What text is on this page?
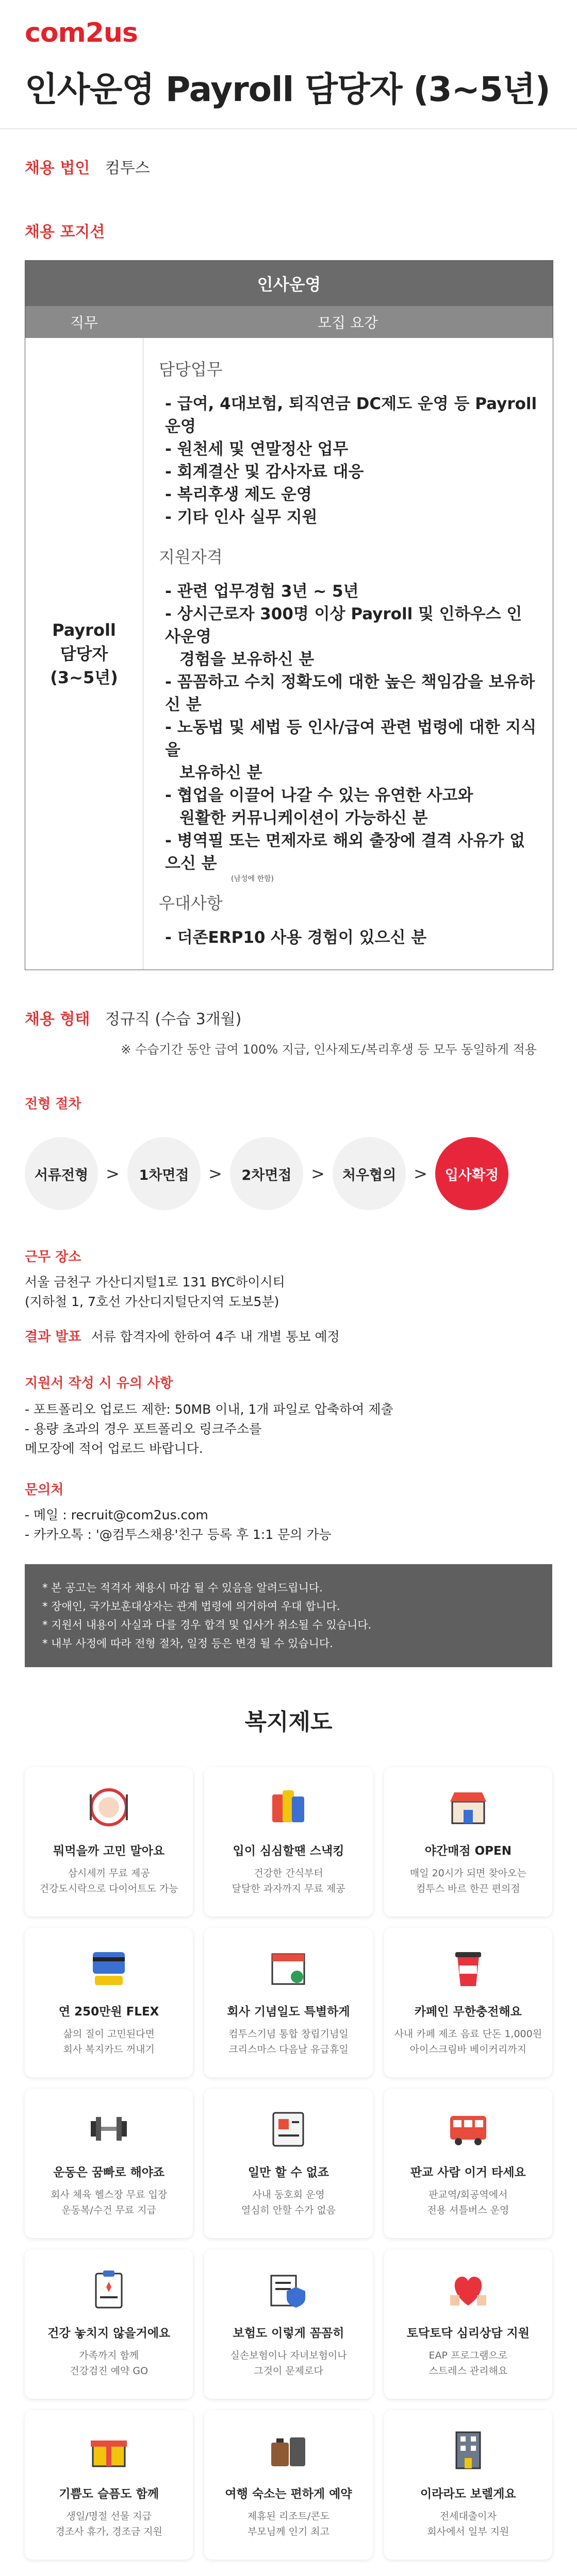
com2us
인사운영 Payroll 담당자 (3~5년)
채용 법인 컴투스
채용 포지션
인사운영
직무	모집 요강
Payroll
담당자
(3~5년)
담당업무
- 급여, 4대보험, 퇴직연금 DC제도 운영 등 Payroll 운영
- 원천세 및 연말정산 업무
- 회계결산 및 감사자료 대응
- 복리후생 제도 운영
- 기타 인사 실무 지원
지원자격
- 관련 업무경험 3년 ~ 5년
- 상시근로자 300명 이상 Payroll 및 인하우스 인사운영
경험을 보유하신 분
- 꼼꼼하고 수치 정확도에 대한 높은 책임감을 보유하신 분
- 노동법 및 세법 등 인사/급여 관련 법령에 대한 지식을
보유하신 분
- 협업을 이끌어 나갈 수 있는 유연한 사고와
원활한 커뮤니케이션이 가능하신 분
- 병역필 또는 면제자로 해외 출장에 결격 사유가 없으신 분
(남성에 한함)
우대사항
- 더존ERP10 사용 경험이 있으신 분
채용 형태 정규직 (수습 3개월)
※ 수습기간 동안 급여 100% 지급, 인사제도/복리후생 등 모두 동일하게 적용
전형 절차
서류전형	>	1차면접	>	2차면접	>	처우협의	>	입사확정
근무 장소
서울 금천구 가산디지털1로 131 BYC하이시티
(지하철 1, 7호선 가산디지털단지역 도보5분)
결과 발표 서류 합격자에 한하여 4주 내 개별 통보 예정
지원서 작성 시 유의 사항
- 포트폴리오 업로드 제한: 50MB 이내, 1개 파일로 압축하여 제출
- 용량 초과의 경우 포트폴리오 링크주소를
메모장에 적어 업로드 바랍니다.
문의처
- 메일 : recruit@com2us.com
- 카카오톡 : '@컴투스채용'친구 등록 후 1:1 문의 가능
* 본 공고는 적격자 채용시 마감 될 수 있음을 알려드립니다.
* 장애인, 국가보훈대상자는 관계 법령에 의거하여 우대 합니다.
* 지원서 내용이 사실과 다를 경우 합격 및 입사가 취소될 수 있습니다.
* 내부 사정에 따라 전형 절차, 일정 등은 변경 될 수 있습니다.
복지제도
뭐먹을까 고민 말아요
삼시세끼 무료 제공
건강도시락으로 다이어트도 가능
입이 심심할땐 스낵킹
건강한 간식부터
달달한 과자까지 무료 제공
야간매점 OPEN
매일 20시가 되면 찾아오는
컴투스 바르 한끈 편의점
연 250만원 FLEX
삶의 질이 고민된다면
회사 복지카드 꺼내기
회사 기념일도 특별하게
컴투스기념 통합 창립기념일
크리스마스 다음날 유급휴일
카페인 무한충전해요
사내 카페 제조 음료 단돈 1,000원
아이스크림바 베이커리까지
운동은 꿈빠로 해야죠
회사 체육 헬스장 무료 입장
운동복/수건 무료 지급
일만 할 수 없죠
사내 동호회 운영
열심히 안할 수가 없음
판교 사람 이거 타세요
판교역/회공역에서
전용 셔틀버스 운영
건강 놓치지 않을거에요
가족까지 함께
건강검진 예약 GO
보험도 이렇게 꼼꼼히
실손보험이나 자녀보험이나
그것이 문제로다
토닥토닥 심리상담 지원
EAP 프로그램으로
스트레스 관리해요
기쁨도 슬픔도 함께
생일/명절 선물 지급
경조사 휴가, 경조금 지원
여행 숙소는 편하게 예약
제휴된 리조트/콘도
부모님께 인기 최고
이라라도 보렐게요
전세대출이자
회사에서 일부 지원
